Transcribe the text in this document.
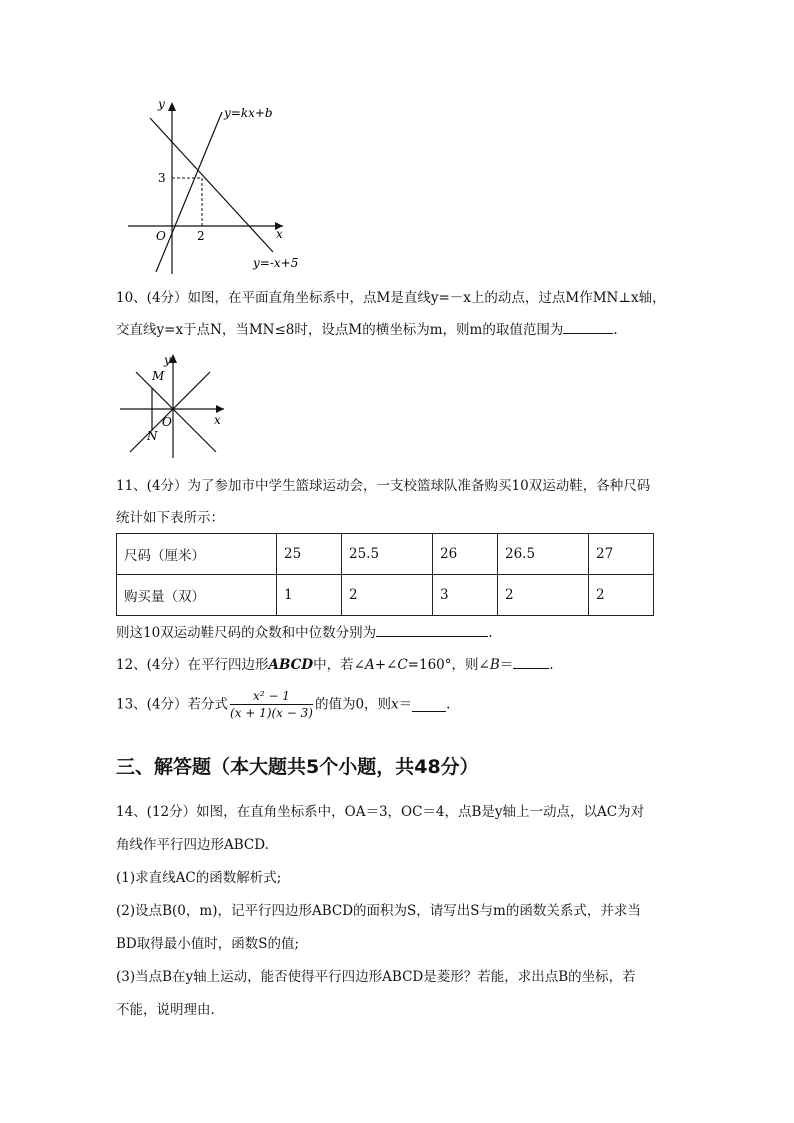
y
x
O
y=kx+b
y=-x+5
3
2
10、(4分）如图，在平面直角坐标系中，点M是直线y=－x上的动点，过点M作MN⊥x轴，
交直线y=x于点N，当MN≤8时，设点M的横坐标为m，则m的取值范围为	.
y
x
O
M
N
11、(4分）为了参加市中学生篮球运动会，一支校篮球队准备购买10双运动鞋，各种尺码
统计如下表所示：
尺码（厘米）	25	25.5	26	26.5	27
购买量（双）	1	2	3	2	2
则这10双运动鞋尺码的众数和中位数分别为	.
12、(4分）在平行四边形ABCD中，若∠A+∠C=160°，则∠B＝	.
13、(4分）若分式 $\frac{\text{x² − 1}}{(x + 1)(x - 3)}$ 的值为0，则x＝	.
三、解答题（本大题共5个小题，共48分）
14、(12分）如图，在直角坐标系中，OA＝3，OC＝4，点B是y轴上一动点，以AC为对
角线作平行四边形ABCD.
(1)求直线AC的函数解析式;
(2)设点B(0，m)，记平行四边形ABCD的面积为S，请写出S与m的函数关系式，并求当
BD取得最小值时，函数S的值;
(3)当点B在y轴上运动，能否使得平行四边形ABCD是菱形？若能，求出点B的坐标，若
不能，说明理由.
